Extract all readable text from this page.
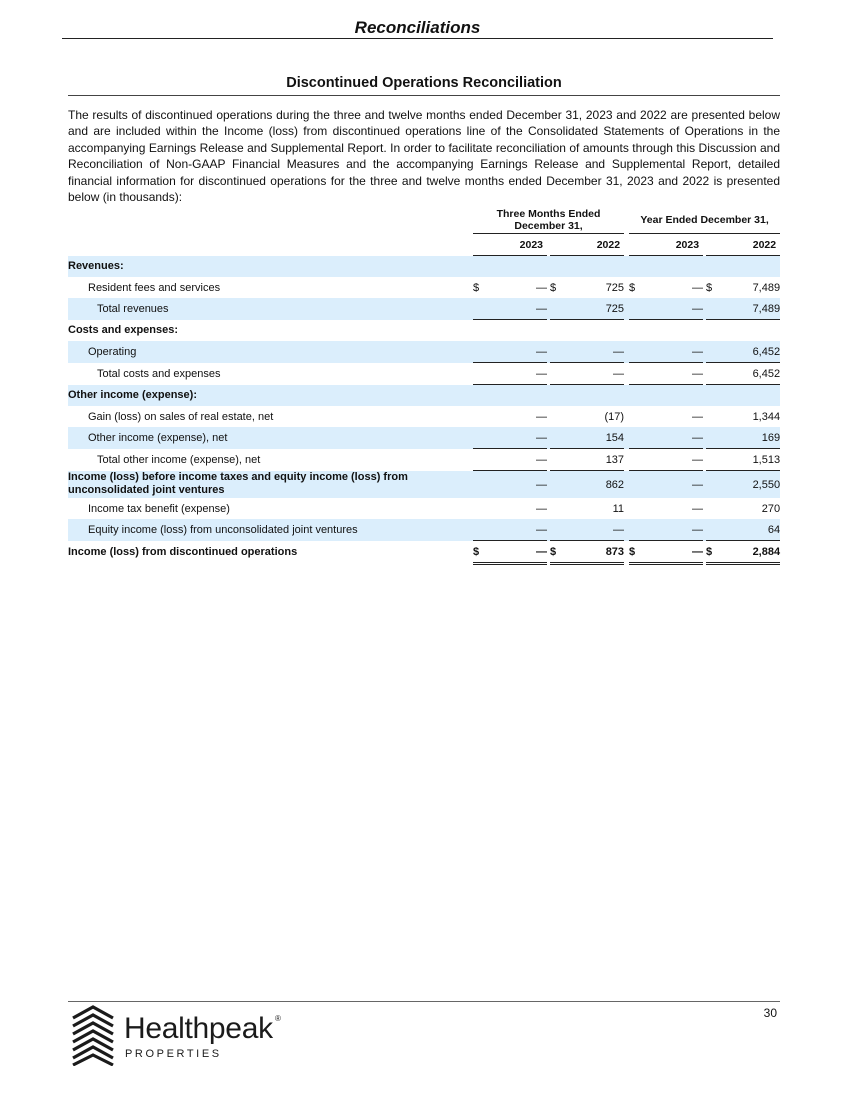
Reconciliations
Discontinued Operations Reconciliation

The results of discontinued operations during the three and twelve months ended December 31, 2023 and 2022 are presented below and are included within the Income (loss) from discontinued operations line of the Consolidated Statements of Operations in the accompanying Earnings Release and Supplemental Report. In order to facilitate reconciliation of amounts through this Discussion and Reconciliation of Non-GAAP Financial Measures and the accompanying Earnings Release and Supplemental Report, detailed financial information for discontinued operations for the three and twelve months ended December 31, 2023 and 2022 is presented below (in thousands):

		Three Months Ended December 31,						Year Ended December 31,				
		2023			2022			2023			2022	
Revenues:												
Resident fees and services		$	—		$	725		$	—		$	7,489
Total revenues			—			725			—			7,489
Costs and expenses:												
Operating			—			—			—			6,452
Total costs and expenses			—			—			—			6,452
Other income (expense):												
Gain (loss) on sales of real estate, net			—			(17)			—			1,344
Other income (expense), net			—			154			—			169
Total other income (expense), net			—			137			—			1,513
Income (loss) before income taxes and equity income (loss) from unconsolidated joint ventures			—			862			—			2,550
Income tax benefit (expense)			—			11			—			270
Equity income (loss) from unconsolidated joint ventures			—			—			—			64
Income (loss) from discontinued operations		$	—		$	873		$	—		$	2,884
30
Healthpeak ®
PROPERTIES
